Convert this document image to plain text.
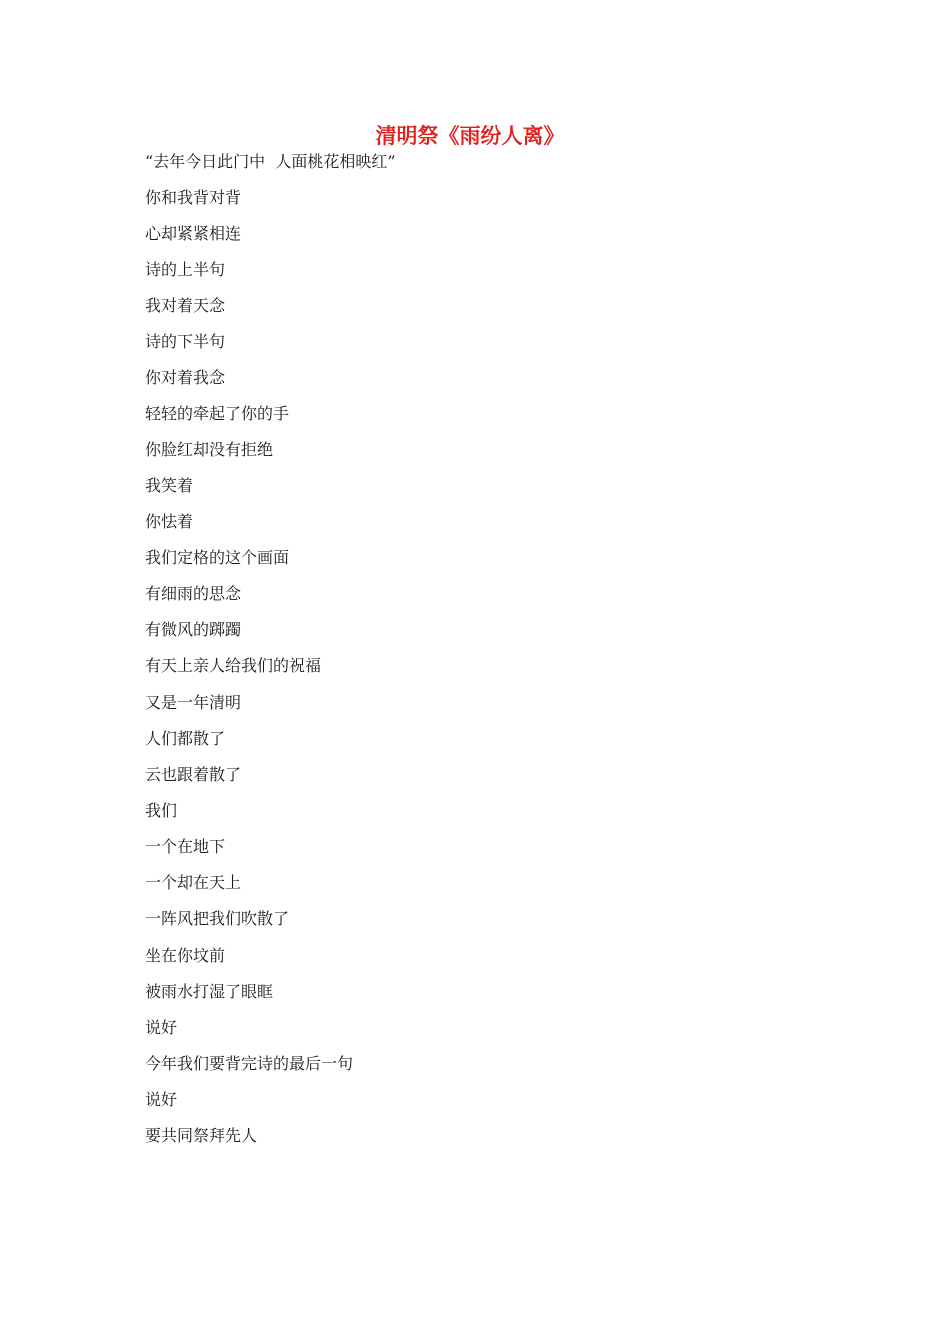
清明祭《雨纷人离》
“去年今日此门中  人面桃花相映红”
你和我背对背
心却紧紧相连
诗的上半句
我对着天念
诗的下半句
你对着我念
轻轻的牵起了你的手
你脸红却没有拒绝
我笑着
你怯着
我们定格的这个画面
有细雨的思念
有微风的踯躅
有天上亲人给我们的祝福
又是一年清明
人们都散了
云也跟着散了
我们
一个在地下
一个却在天上
一阵风把我们吹散了
坐在你坟前
被雨水打湿了眼眶
说好
今年我们要背完诗的最后一句
说好
要共同祭拜先人
